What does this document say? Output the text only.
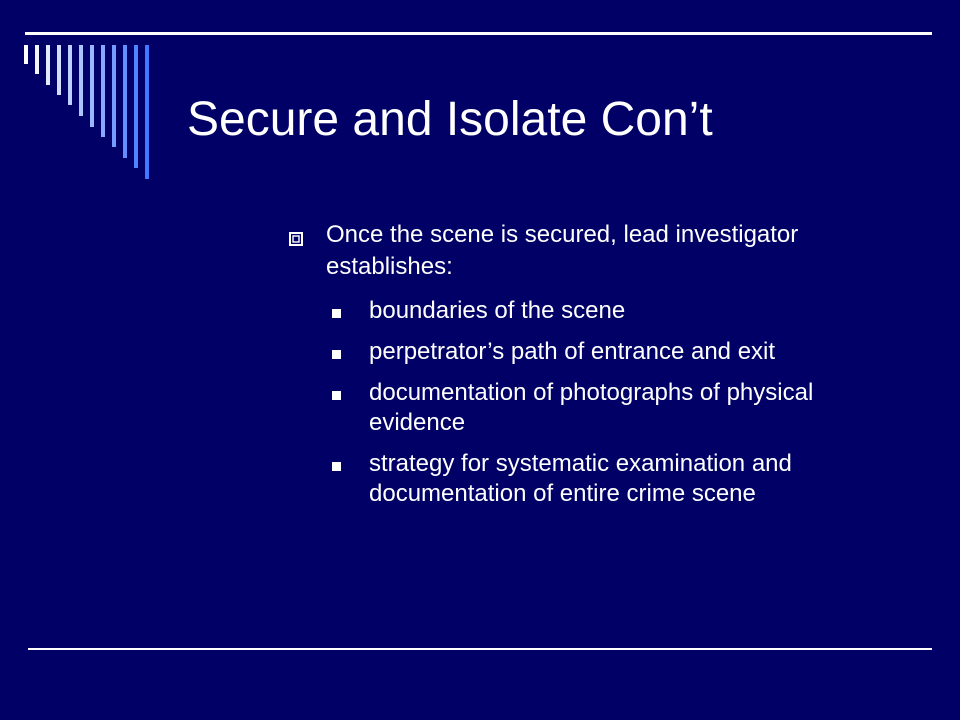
Secure and Isolate Con’t
Once the scene is secured, lead investigator establishes:
boundaries of the scene
perpetrator’s path of entrance and exit
documentation of photographs of physical evidence
strategy for systematic examination and documentation of entire crime scene
